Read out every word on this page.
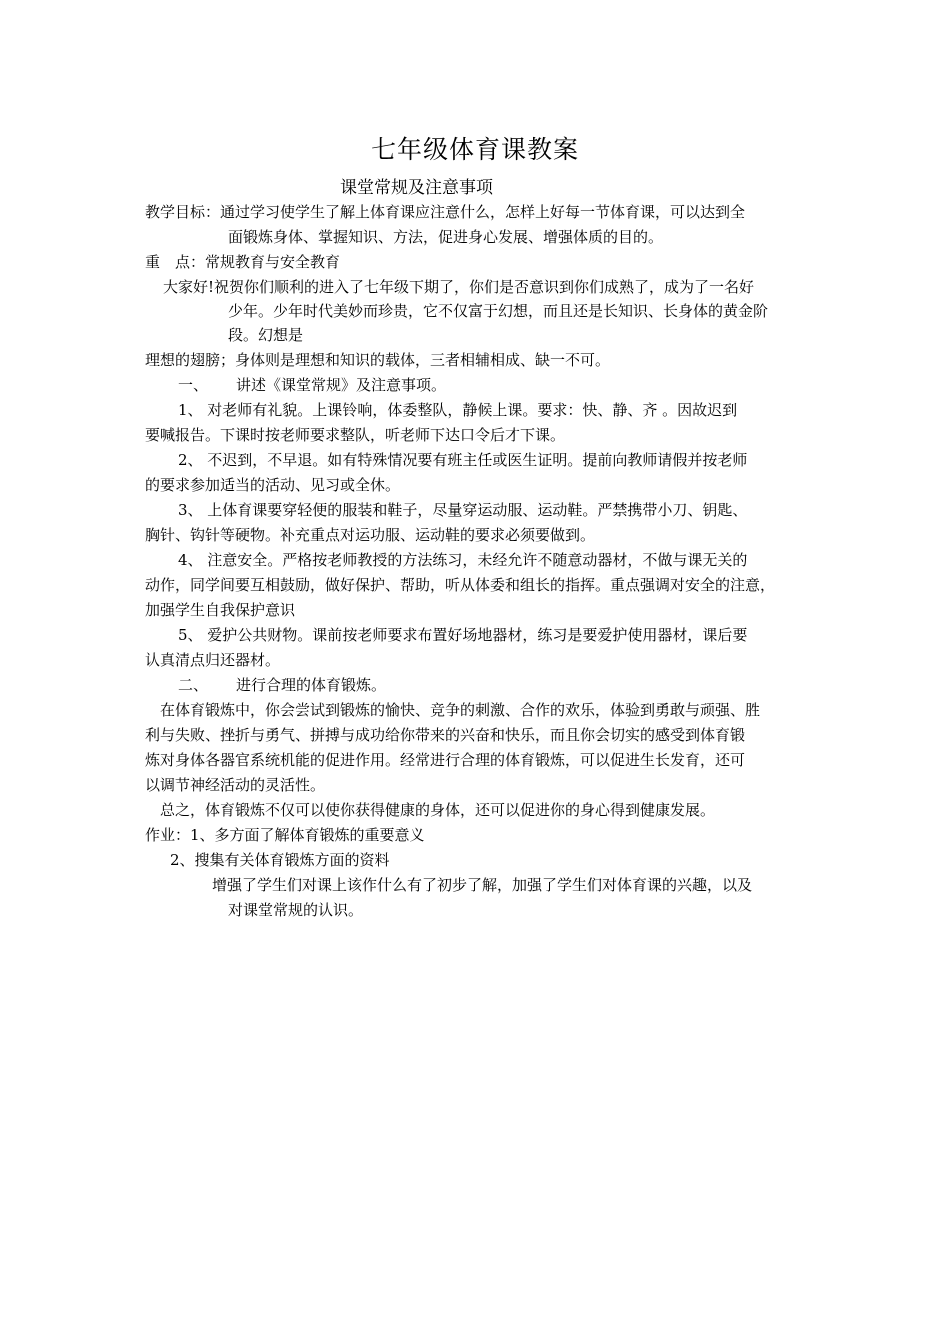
七年级体育课教案
课堂常规及注意事项
教学目标：通过学习使学生了解上体育课应注意什么，怎样上好每一节体育课，可以达到全
面锻炼身体、掌握知识、方法，促进身心发展、增强体质的目的。
重　点：常规教育与安全教育
大家好!祝贺你们顺利的进入了七年级下期了，你们是否意识到你们成熟了，成为了一名好
少年。少年时代美妙而珍贵，它不仅富于幻想，而且还是长知识、长身体的黄金阶
段。幻想是
理想的翅膀；身体则是理想和知识的载体，三者相辅相成、缺一不可。
一、 讲述《课堂常规》及注意事项。
1、 对老师有礼貌。上课铃响，体委整队，静候上课。要求：快、静、齐 。因故迟到
要喊报告。下课时按老师要求整队，听老师下达口令后才下课。
2、 不迟到，不早退。如有特殊情况要有班主任或医生证明。提前向教师请假并按老师
的要求参加适当的活动、见习或全休。
3、 上体育课要穿轻便的服装和鞋子，尽量穿运动服、运动鞋。严禁携带小刀、钥匙、
胸针、钩针等硬物。补充重点对运功服、运动鞋的要求必须要做到。
4、 注意安全。严格按老师教授的方法练习，未经允许不随意动器材，不做与课无关的
动作，同学间要互相鼓励，做好保护、帮助，听从体委和组长的指挥。重点强调对安全的注意，
加强学生自我保护意识
5、 爱护公共财物。课前按老师要求布置好场地器材，练习是要爱护使用器材，课后要
认真清点归还器材。
二、 进行合理的体育锻炼。
在体育锻炼中，你会尝试到锻炼的愉快、竞争的刺激、合作的欢乐，体验到勇敢与顽强、胜
利与失败、挫折与勇气、拼搏与成功给你带来的兴奋和快乐，而且你会切实的感受到体育锻
炼对身体各器官系统机能的促进作用。经常进行合理的体育锻炼，可以促进生长发育，还可
以调节神经活动的灵活性。
总之，体育锻炼不仅可以使你获得健康的身体，还可以促进你的身心得到健康发展。
作业：1、多方面了解体育锻炼的重要意义
2、搜集有关体育锻炼方面的资料
增强了学生们对课上该作什么有了初步了解，加强了学生们对体育课的兴趣，以及
对课堂常规的认识。
